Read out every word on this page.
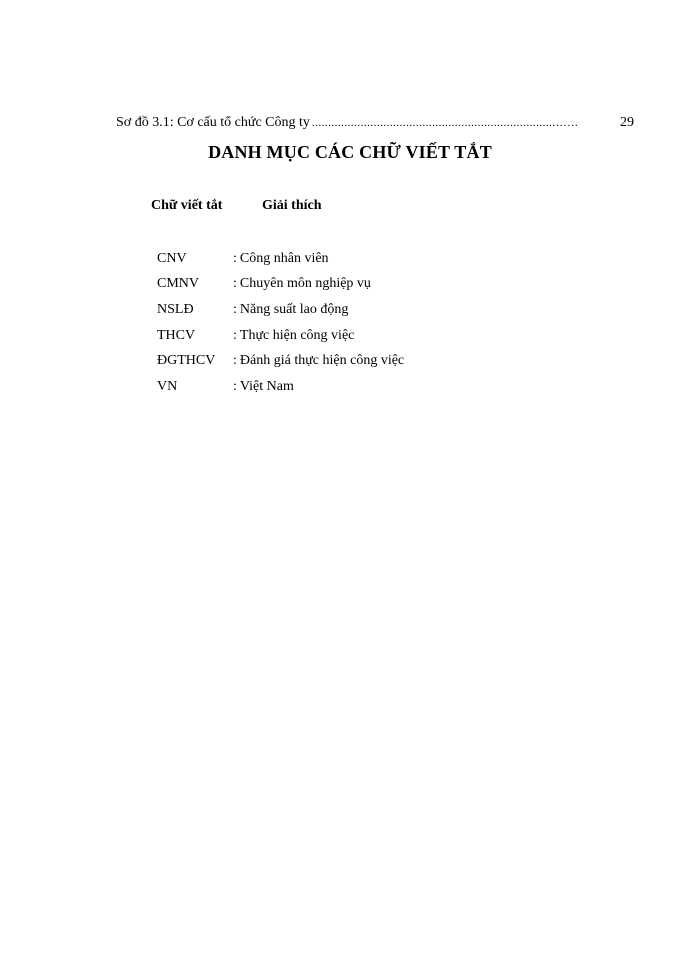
Sơ đồ 3.1: Cơ cấu tổ chức Công ty ...........................................................................……	29
DANH MỤC CÁC CHỮ VIẾT TẮT
Chữ viết tắt	Giải thích
CNV	: Công nhân viên
CMNV	: Chuyên môn nghiệp vụ
NSLĐ	: Năng suất lao động
THCV	: Thực hiện công việc
ĐGTHCV	: Đánh giá thực hiện công việc
VN	: Việt Nam
